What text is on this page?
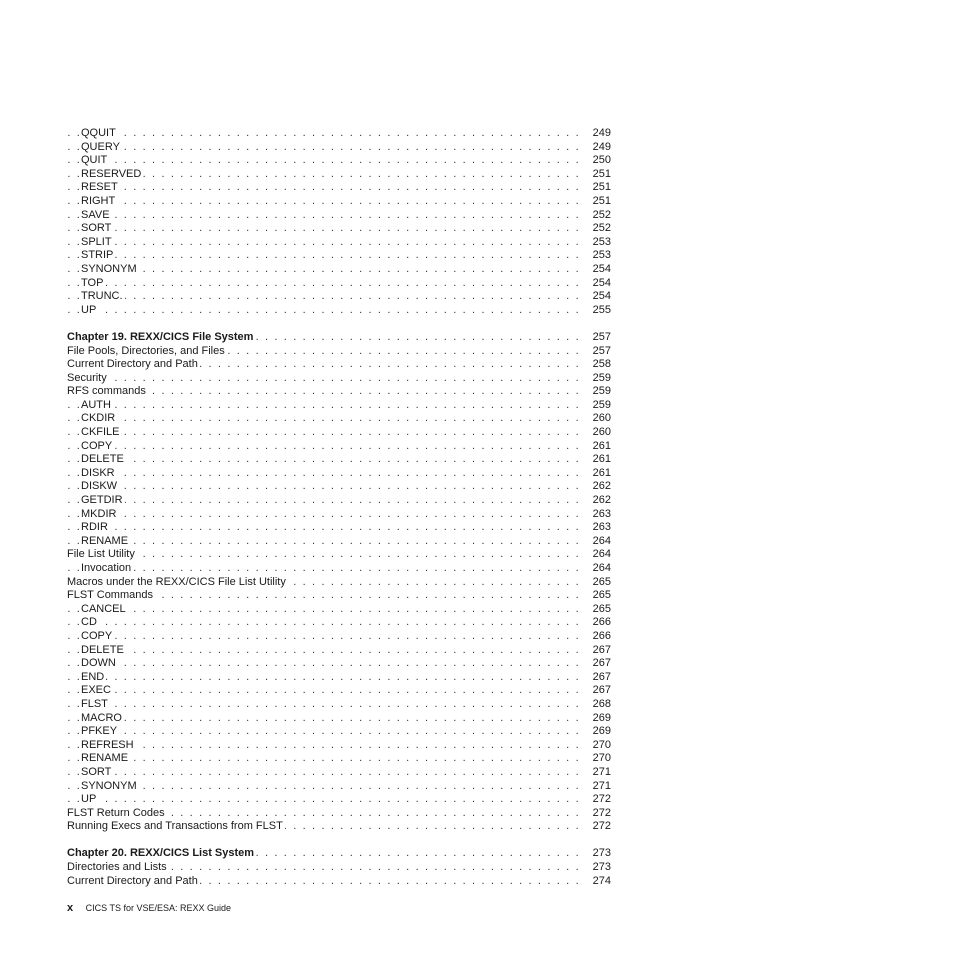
. . .
QQUIT	249
. . .
QUERY	249
. . .
QUIT	250
. . .
RESERVED	251
. . .
RESET	251
. . .
RIGHT	251
. . .
SAVE	252
. . .
SORT	252
. . .
SPLIT	253
. . .
STRIP	253
. . .
SYNONYM	254
. . .
TOP	254
. . .
TRUNC.	254
. . .
UP	255
. . .
Chapter 19. REXX/CICS File System	257
. . .
File Pools, Directories, and Files	257
. . .
Current Directory and Path	258
. . .
Security	259
. . .
RFS commands	259
. . .
AUTH	259
. . .
CKDIR	260
. . .
CKFILE	260
. . .
COPY	261
. . .
DELETE	261
. . .
DISKR	261
. . .
DISKW	262
. . .
GETDIR	262
. . .
MKDIR	263
. . .
RDIR	263
. . .
RENAME	264
. . .
File List Utility	264
. . .
Invocation	264
. . .
Macros under the REXX/CICS File List Utility	265
. . .
FLST Commands	265
. . .
CANCEL	265
. . .
CD	266
. . .
COPY	266
. . .
DELETE	267
. . .
DOWN	267
. . .
END	267
. . .
EXEC	267
. . .
FLST	268
. . .
MACRO	269
. . .
PFKEY	269
. . .
REFRESH	270
. . .
RENAME	270
. . .
SORT	271
. . .
SYNONYM	271
. . .
UP	272
. . .
FLST Return Codes	272
. . .
Running Execs and Transactions from FLST	272
. . .
Chapter 20. REXX/CICS List System	273
. . .
Directories and Lists	273
. . .
Current Directory and Path	274
x CICS TS for VSE/ESA: REXX Guide
